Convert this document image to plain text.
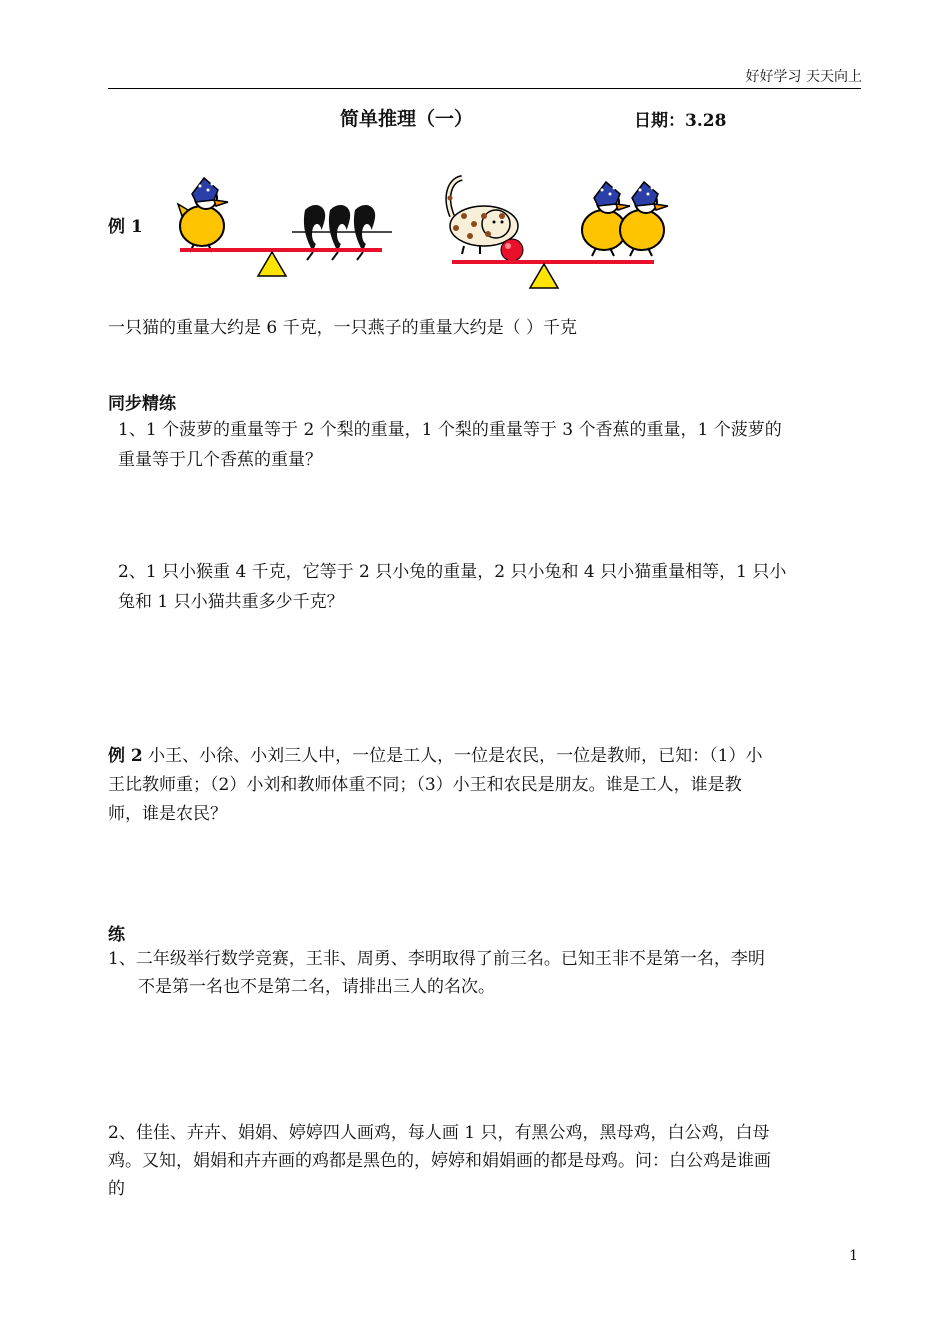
好好学习 天天向上
简单推理（一）	日期：3.28
例 1
一只猫的重量大约是 6 千克，一只燕子的重量大约是（ ）千克
同步精练
1、1 个菠萝的重量等于 2 个梨的重量，1 个梨的重量等于 3 个香蕉的重量，1 个菠萝的
重量等于几个香蕉的重量？
2、1 只小猴重 4 千克，它等于 2 只小兔的重量，2 只小兔和 4 只小猫重量相等，1 只小
兔和 1 只小猫共重多少千克？
例 2 小王、小徐、小刘三人中，一位是工人，一位是农民，一位是教师，已知：（1）小
王比教师重；（2）小刘和教师体重不同；（3）小王和农民是朋友。谁是工人，谁是教
师，谁是农民？
练
1、二年级举行数学竞赛，王非、周勇、李明取得了前三名。已知王非不是第一名，李明
不是第一名也不是第二名，请排出三人的名次。
2、佳佳、卉卉、娟娟、婷婷四人画鸡，每人画 1 只，有黑公鸡，黑母鸡，白公鸡，白母
鸡。又知，娟娟和卉卉画的鸡都是黑色的，婷婷和娟娟画的都是母鸡。问：白公鸡是谁画
的
1
